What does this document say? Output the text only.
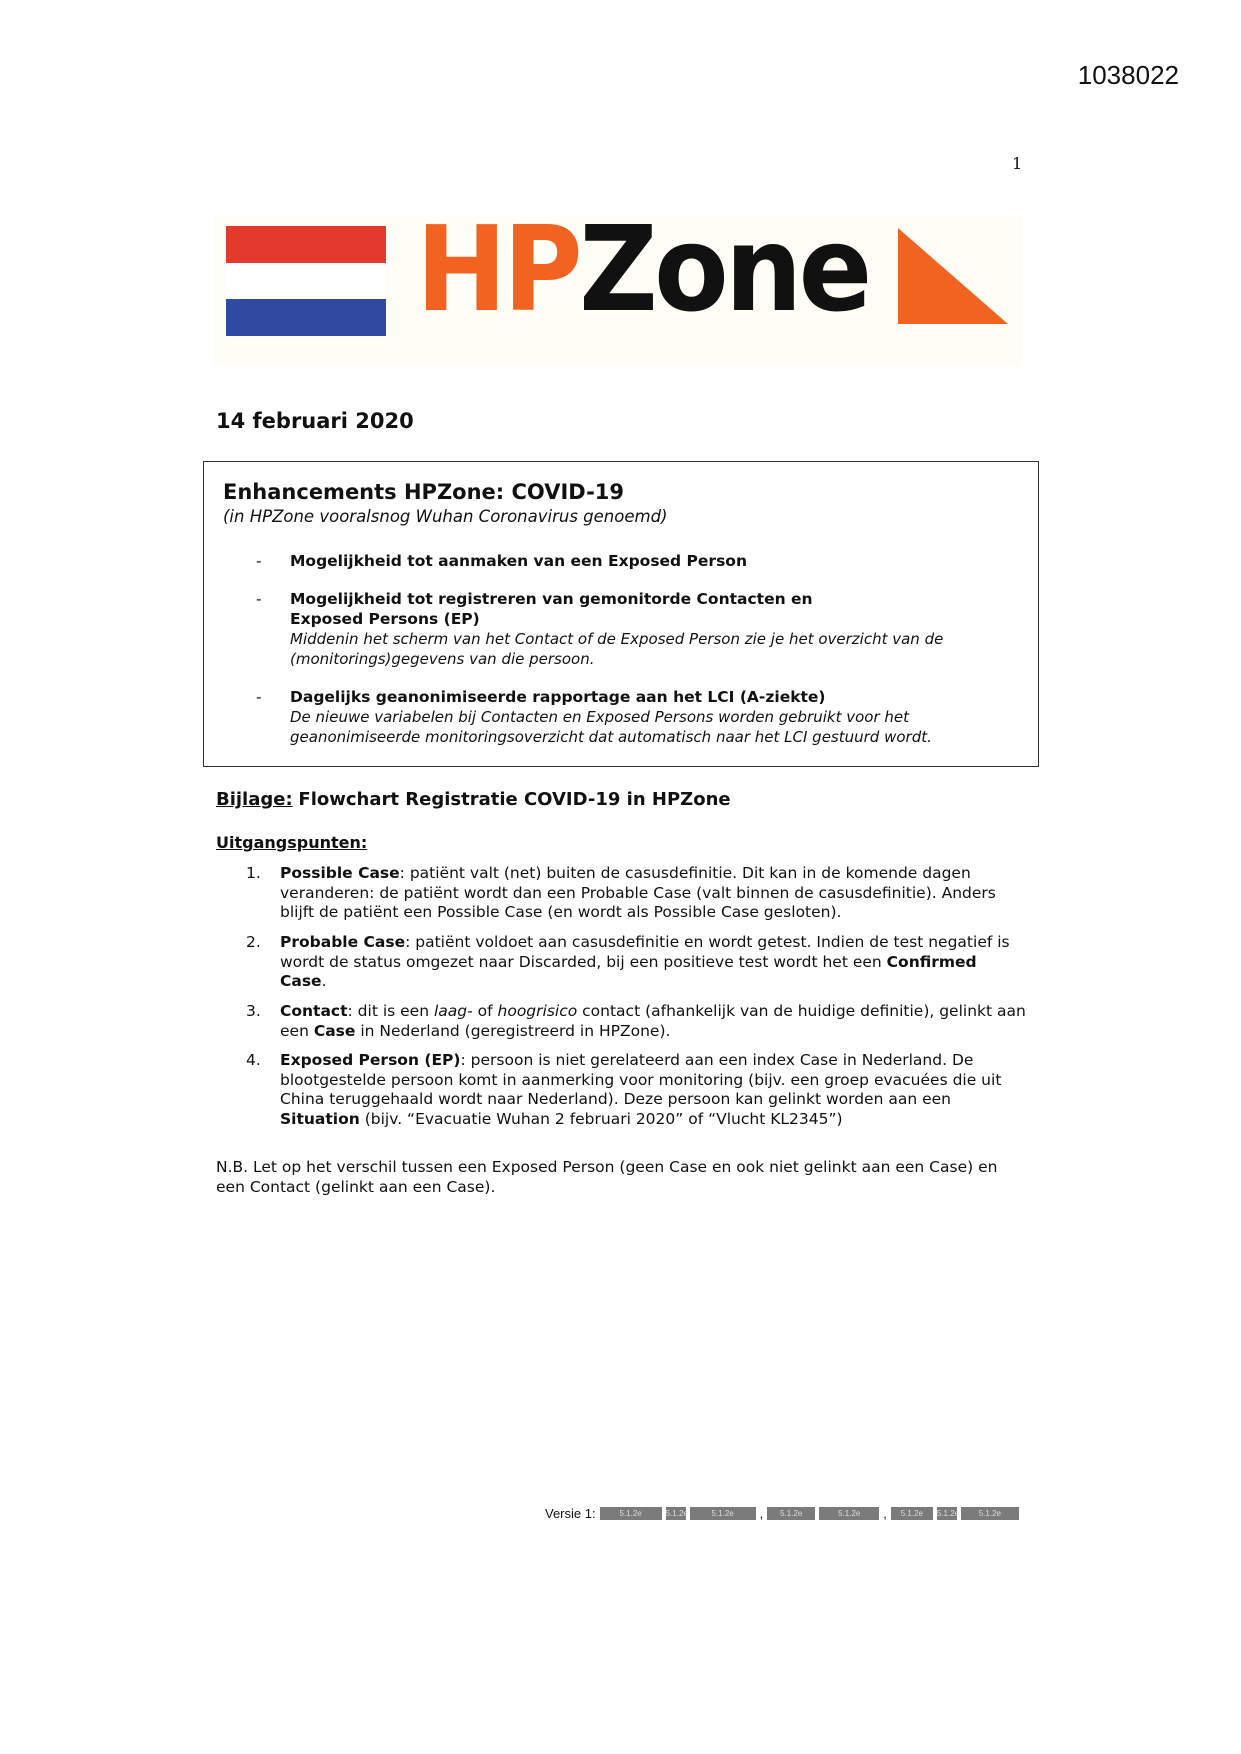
1038022
1
HPZone
14 februari 2020
Enhancements HPZone: COVID-19
(in HPZone vooralsnog Wuhan Coronavirus genoemd)
- Mogelijkheid tot aanmaken van een Exposed Person
- Mogelijkheid tot registreren van gemonitorde Contacten en Exposed Persons (EP)
Middenin het scherm van het Contact of de Exposed Person zie je het overzicht van de (monitorings)gegevens van die persoon.
- Dagelijks geanonimiseerde rapportage aan het LCI (A-ziekte)
De nieuwe variabelen bij Contacten en Exposed Persons worden gebruikt voor het geanonimiseerde monitoringsoverzicht dat automatisch naar het LCI gestuurd wordt.
Bijlage: Flowchart Registratie COVID-19 in HPZone
Uitgangspunten:
1. Possible Case: patiënt valt (net) buiten de casusdefinitie. Dit kan in de komende dagen veranderen: de patiënt wordt dan een Probable Case (valt binnen de casusdefinitie). Anders blijft de patiënt een Possible Case (en wordt als Possible Case gesloten).
2. Probable Case: patiënt voldoet aan casusdefinitie en wordt getest. Indien de test negatief is wordt de status omgezet naar Discarded, bij een positieve test wordt het een Confirmed Case.
3. Contact: dit is een laag- of hoogrisico contact (afhankelijk van de huidige definitie), gelinkt aan een Case in Nederland (geregistreerd in HPZone).
4. Exposed Person (EP): persoon is niet gerelateerd aan een index Case in Nederland. De blootgestelde persoon komt in aanmerking voor monitoring (bijv. een groep evacuées die uit China teruggehaald wordt naar Nederland). Deze persoon kan gelinkt worden aan een Situation (bijv. “Evacuatie Wuhan 2 februari 2020” of “Vlucht KL2345”)
N.B. Let op het verschil tussen een Exposed Person (geen Case en ook niet gelinkt aan een Case) en een Contact (gelinkt aan een Case).
Versie 1:	5.1.2e	5.1.2e	5.1.2e	,	5.1.2e	5.1.2e	,	5.1.2e	5.1.2e	5.1.2e
